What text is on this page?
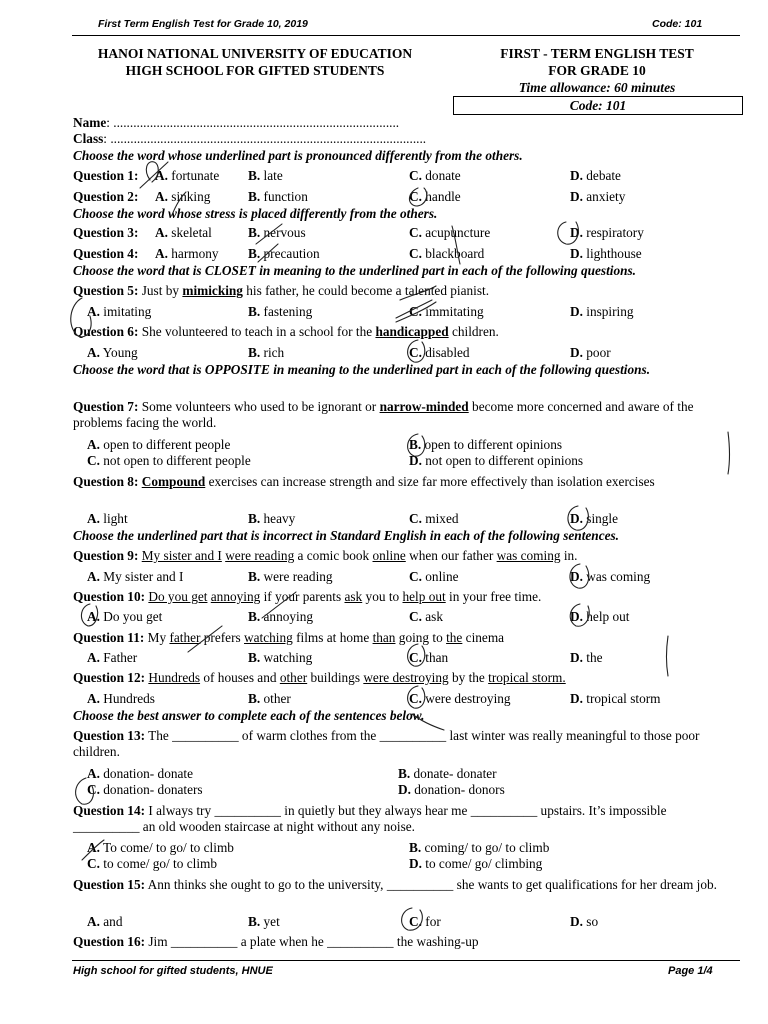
First Term English Test for Grade 10, 2019	Code: 101
HANOI NATIONAL UNIVERSITY OF EDUCATION
HIGH SCHOOL FOR GIFTED STUDENTS
FIRST - TERM ENGLISH TEST
FOR GRADE 10
Time allowance: 60 minutes
Code: 101
Name: ......................................................................................
Class: ...............................................................................................
Choose the word whose underlined part is pronounced differently from the others.
Question 1: A. fortunate B. late	C. donate	D. debate
Question 2: A. sinking	B. function	C. handle	D. anxiety
Choose the word whose stress is placed differently from the others.
Question 3: A. skeletal	B. nervous	C. acupuncture	D. respiratory
Question 4: A. harmony B. precaution	C. blackboard	D. lighthouse
Choose the word that is CLOSET in meaning to the underlined part in each of the following questions.
Question 5: Just by mimicking his father, he could become a talented pianist.
A. imitating	B. fastening	C. immitating	D. inspiring
Question 6: She volunteered to teach in a school for the handicapped children.
A. Young	B. rich	C. disabled	D. poor
Choose the word that is OPPOSITE in meaning to the underlined part in each of the following questions.
Question 7: Some volunteers who used to be ignorant or narrow-minded become more concerned and aware of the problems facing the world.
A. open to different people	B. open to different opinions
C. not open to different people	D. not open to different opinions
Question 8: Compound exercises can increase strength and size far more effectively than isolation exercises
A. light	B. heavy	C. mixed	D. single
Choose the underlined part that is incorrect in Standard English in each of the following sentences.
Question 9: My sister and I were reading a comic book online when our father was coming in.
A. My sister and I	B. were reading	C. online	D. was coming
Question 10: Do you get annoying if your parents ask you to help out in your free time.
A. Do you get	B. annoying	C. ask	D. help out
Question 11: My father prefers watching films at home than going to the cinema
A. Father	B. watching	C. than	D. the
Question 12: Hundreds of houses and other buildings were destroying by the tropical storm.
A. Hundreds	B. other	C. were destroying	D. tropical storm
Choose the best answer to complete each of the sentences below.
Question 13: The __________ of warm clothes from the __________ last winter was really meaningful to those poor children.
A. donation- donate	B. donate- donater
C. donation- donaters	D. donation- donors
Question 14: I always try __________ in quietly but they always hear me __________ upstairs. It’s impossible __________ an old wooden staircase at night without any noise.
A. To come/ to go/ to climb	B. coming/ to go/ to climb
C. to come/ go/ to climb	D. to come/ go/ climbing
Question 15: Ann thinks she ought to go to the university, __________ she wants to get qualifications for her dream job.
A. and	B. yet	C. for	D. so
Question 16: Jim __________ a plate when he __________ the washing-up
High school for gifted students, HNUE	Page 1/4
